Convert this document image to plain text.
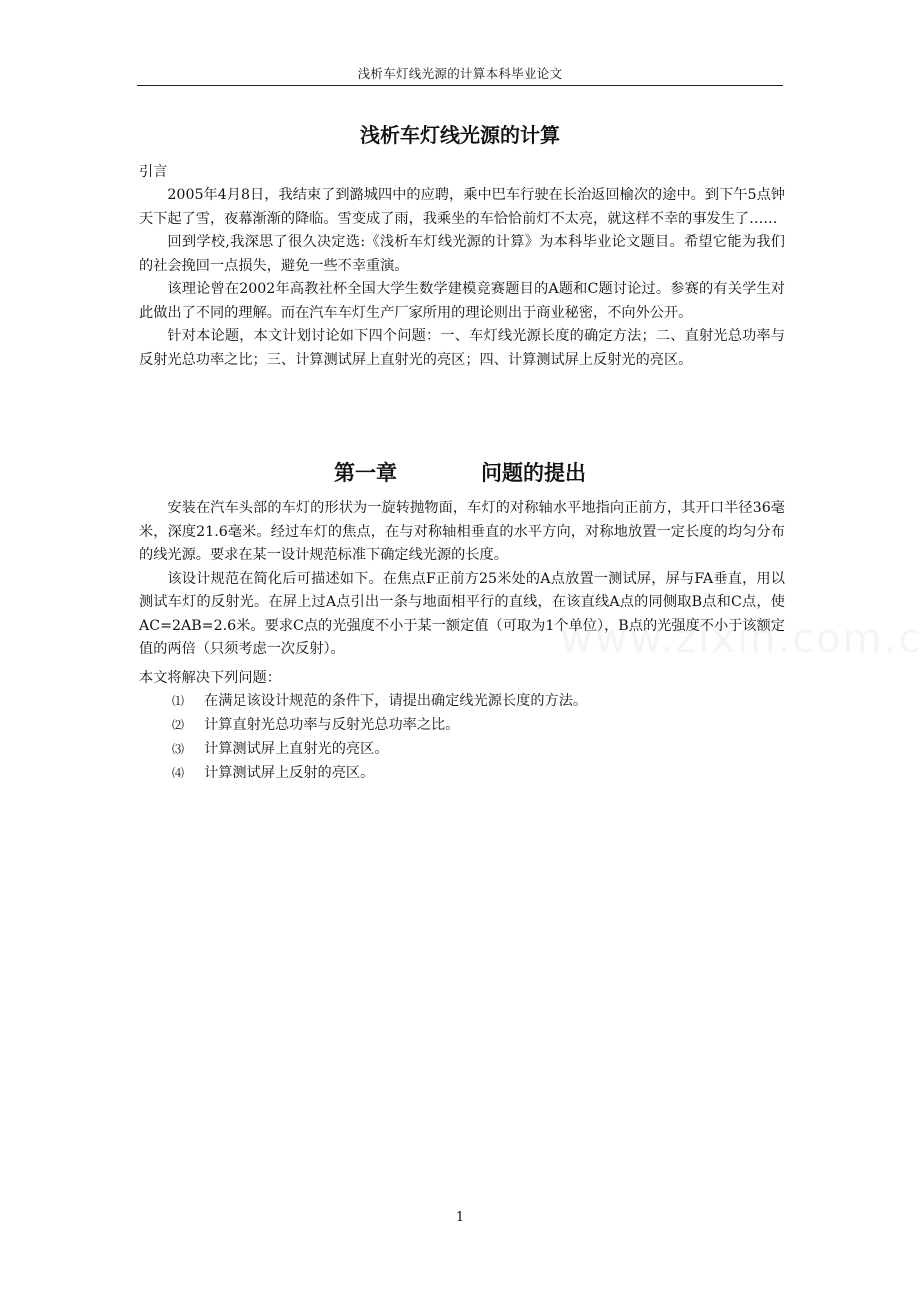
浅析车灯线光源的计算本科毕业论文
浅析车灯线光源的计算

引言

2005年4月8日，我结束了到潞城四中的应聘，乘中巴车行驶在长治返回榆次的途中。到下午5点钟天下起了雪，夜幕渐渐的降临。雪变成了雨，我乘坐的车恰恰前灯不太亮，就这样不幸的事发生了……

回到学校,我深思了很久决定选:《浅析车灯线光源的计算》为本科毕业论文题目。希望它能为我们的社会挽回一点损失，避免一些不幸重演。

该理论曾在2002年高教社杯全国大学生数学建模竞赛题目的A题和C题讨论过。参赛的有关学生对此做出了不同的理解。而在汽车车灯生产厂家所用的理论则出于商业秘密，不向外公开。

针对本论题，本文计划讨论如下四个问题：一、车灯线光源长度的确定方法；二、直射光总功率与反射光总功率之比；三、计算测试屏上直射光的亮区；四、计算测试屏上反射光的亮区。

第一章	问题的提出

安装在汽车头部的车灯的形状为一旋转抛物面，车灯的对称轴水平地指向正前方，其开口半径36毫米，深度21.6毫米。经过车灯的焦点，在与对称轴相垂直的水平方向，对称地放置一定长度的均匀分布的线光源。要求在某一设计规范标准下确定线光源的长度。

该设计规范在简化后可描述如下。在焦点F正前方25米处的A点放置一测试屏，屏与FA垂直，用以测试车灯的反射光。在屏上过A点引出一条与地面相平行的直线，在该直线A点的同侧取B点和C点，使AC=2AB=2.6米。要求C点的光强度不小于某一额定值（可取为1个单位），B点的光强度不小于该额定值的两倍（只须考虑一次反射）。

本文将解决下列问题：

⑴ 在满足该设计规范的条件下，请提出确定线光源长度的方法。
⑵ 计算直射光总功率与反射光总功率之比。
⑶ 计算测试屏上直射光的亮区。
⑷ 计算测试屏上反射的亮区。

1
